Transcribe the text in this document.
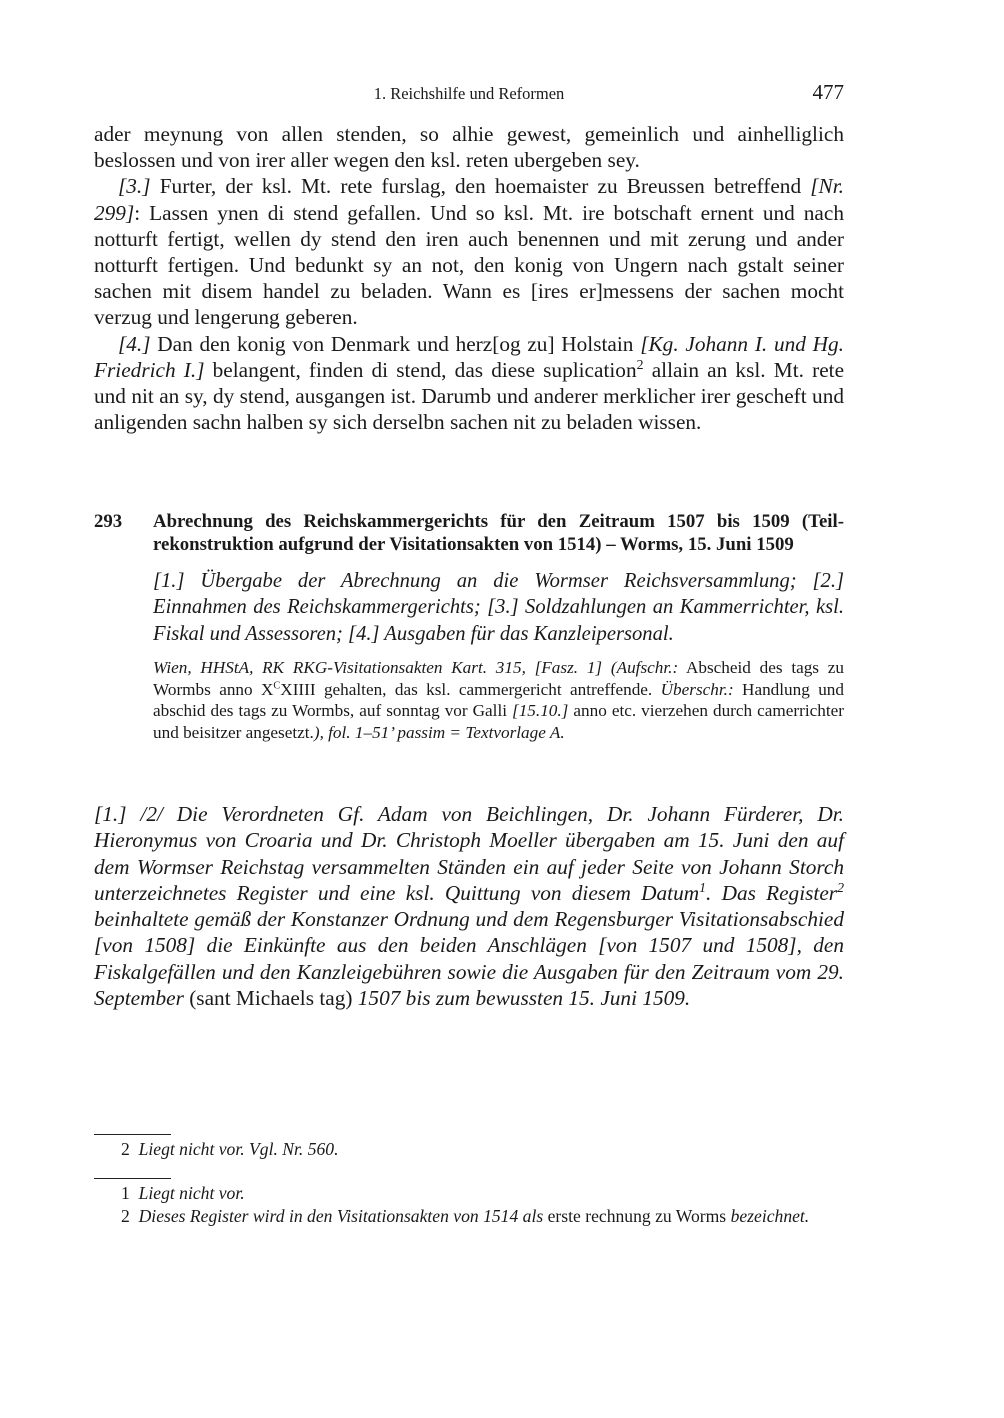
1. Reichshilfe und Reformen	477

ader meynung von allen stenden, so alhie gewest, gemeinlich und ainhelliglich beslossen und von irer aller wegen den ksl. reten ubergeben sey.

[3.] Furter, der ksl. Mt. rete furslag, den hoemaister zu Breussen betreffend [Nr. 299]: Lassen ynen di stend gefallen. Und so ksl. Mt. ire botschaft ernent und nach notturft fertigt, wellen dy stend den iren auch benennen und mit zerung und ander notturft fertigen. Und bedunkt sy an not, den konig von Ungern nach gstalt seiner sachen mit disem handel zu beladen. Wann es [ires er]messens der sachen mocht verzug und lengerung geberen.

[4.] Dan den konig von Denmark und herz[og zu] Holstain [Kg. Johann I. und Hg. Friedrich I.] belangent, finden di stend, das diese suplication$^2$ allain an ksl. Mt. rete und nit an sy, dy stend, ausgangen ist. Darumb und anderer merklicher irer gescheft und anligenden sachn halben sy sich derselbn sachen nit zu beladen wissen.

293 Abrechnung des Reichskammergerichts für den Zeitraum 1507 bis 1509 (Teilrekonstruktion aufgrund der Visitationsakten von 1514) – Worms, 15. Juni 1509
[1.] Übergabe der Abrechnung an die Wormser Reichsversammlung; [2.] Einnahmen des Reichskammergerichts; [3.] Soldzahlungen an Kammerrichter, ksl. Fiskal und Assessoren; [4.] Ausgaben für das Kanzleipersonal.
Wien, HHStA, RK RKG-Visitationsakten Kart. 315, [Fasz. 1] (Aufschr.: Abscheid des tags zu Wormbs anno $X^CXIIII$ gehalten, das ksl. cammergericht antreffende. Überschr.: Handlung und abschid des tags zu Wormbs, auf sonntag vor Galli [15.10.] anno etc. vierzehen durch camerrichter und beisitzer angesetzt.), fol. 1–51’ passim = Textvorlage A.

[1.] /2/ Die Verordneten Gf. Adam von Beichlingen, Dr. Johann Fürderer, Dr. Hieronymus von Croaria und Dr. Christoph Moeller übergaben am 15. Juni den auf dem Wormser Reichstag versammelten Ständen ein auf jeder Seite von Johann Storch unterzeichnetes Register und eine ksl. Quittung von diesem Datum$^1$. Das Register$^2$ beinhaltete gemäß der Konstanzer Ordnung und dem Regensburger Visitationsabschied [von 1508] die Einkünfte aus den beiden Anschlägen [von 1507 und 1508], den Fiskalgefällen und den Kanzleigebühren sowie die Ausgaben für den Zeitraum vom 29. September (sant Michaels tag) 1507 bis zum bewussten 15. Juni 1509.

2 Liegt nicht vor. Vgl. Nr. 560.

1 Liegt nicht vor.

2 Dieses Register wird in den Visitationsakten von 1514 als erste rechnung zu Worms bezeichnet.
